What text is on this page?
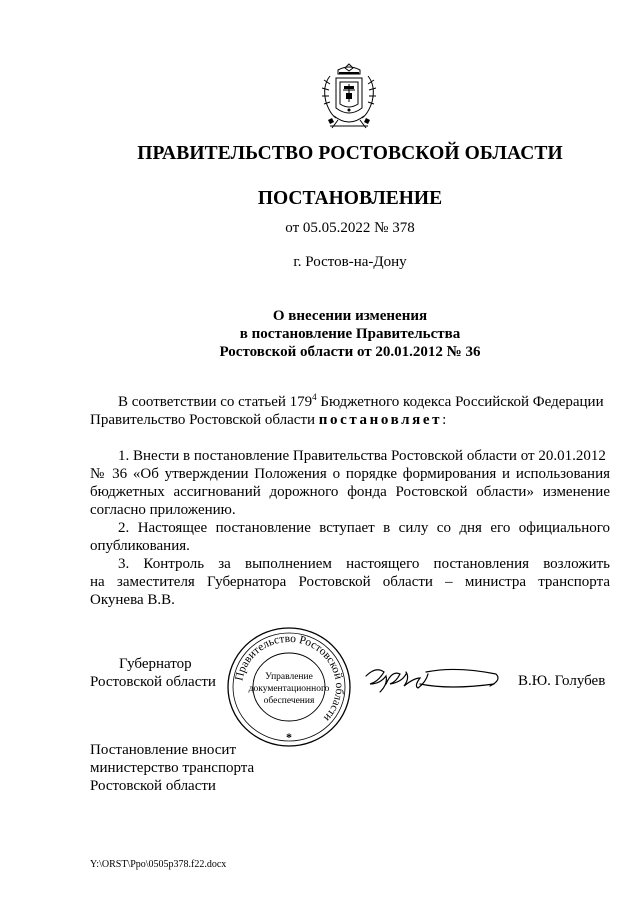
ПРАВИТЕЛЬСТВО РОСТОВСКОЙ ОБЛАСТИ
ПОСТАНОВЛЕНИЕ
от 05.05.2022 № 378
г. Ростов-на-Дону
О внесении изменения
в постановление Правительства
Ростовской области от 20.01.2012 № 36
В соответствии со статьей $179^4$ Бюджетного кодекса Российской Федерации
Правительство Ростовской области постановляет:
1. Внести в постановление Правительства Ростовской области от 20.01.2012
№ 36 «Об утверждении Положения о порядке формирования и использования
бюджетных ассигнований дорожного фонда Ростовской области» изменение
согласно приложению.
2. Настоящее постановление вступает в силу со дня его официального
опубликования.
3. Контроль за выполнением настоящего постановления возложить
на заместителя Губернатора Ростовской области – министра транспорта
Окунева В.В.
Губернатор
Ростовской области Правительство Ростовской области
Управление
документационного
обеспечения
*
В.Ю. Голубев
Постановление вносит
министерство транспорта
Ростовской области
Y:\ORST\Ppo\0505p378.f22.docx
